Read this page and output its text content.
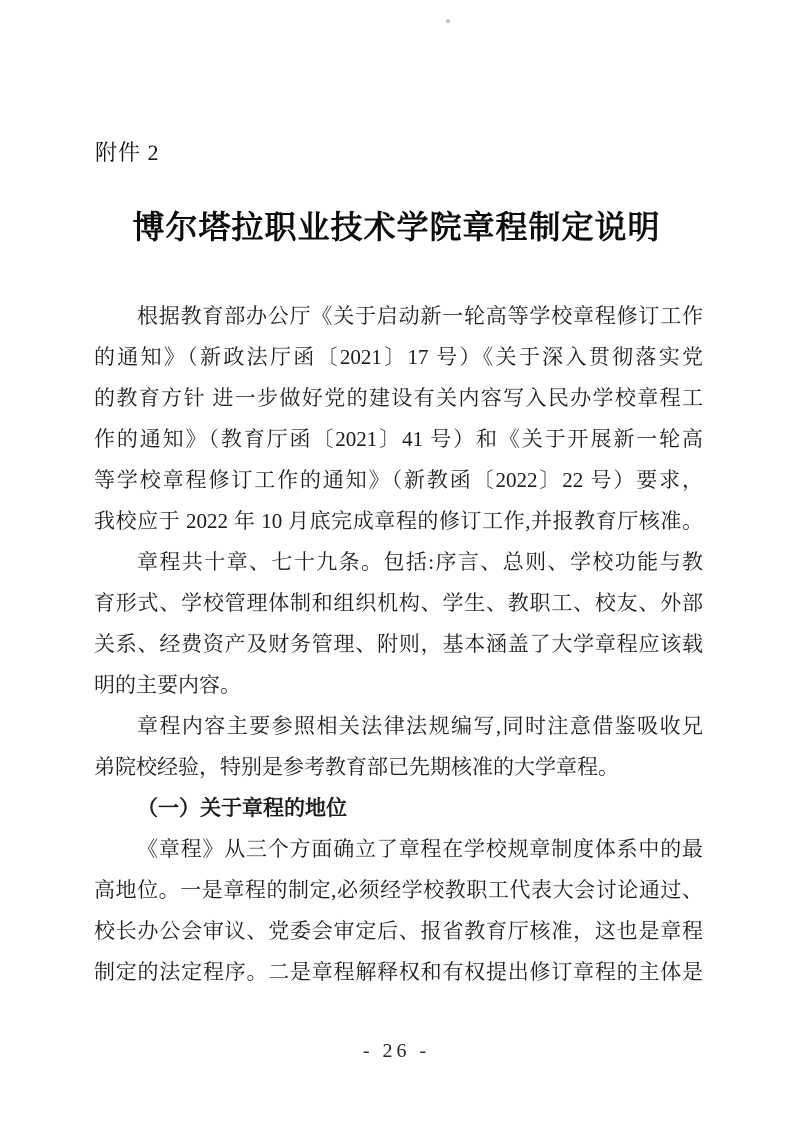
附件 2
博尔塔拉职业技术学院章程制定说明
根据教育部办公厅《关于启动新一轮高等学校章程修订工作
的通知》（新政法厅函〔2021〕17 号）《关于深入贯彻落实党
的教育方针 进一步做好党的建设有关内容写入民办学校章程工
作的通知》（教育厅函〔2021〕41 号）和《关于开展新一轮高
等学校章程修订工作的通知》（新教函〔2022〕22 号）要求，
我校应于 2022 年 10 月底完成章程的修订工作,并报教育厅核准。
章程共十章、七十九条。包括:序言、总则、学校功能与教
育形式、学校管理体制和组织机构、学生、教职工、校友、外部
关系、经费资产及财务管理、附则，基本涵盖了大学章程应该载
明的主要内容。
章程内容主要参照相关法律法规编写,同时注意借鉴吸收兄
弟院校经验，特别是参考教育部已先期核准的大学章程。
（一）关于章程的地位
《章程》从三个方面确立了章程在学校规章制度体系中的最
高地位。一是章程的制定,必须经学校教职工代表大会讨论通过、
校长办公会审议、党委会审定后、报省教育厅核准，这也是章程
制定的法定程序。二是章程解释权和有权提出修订章程的主体是
- 26 -
